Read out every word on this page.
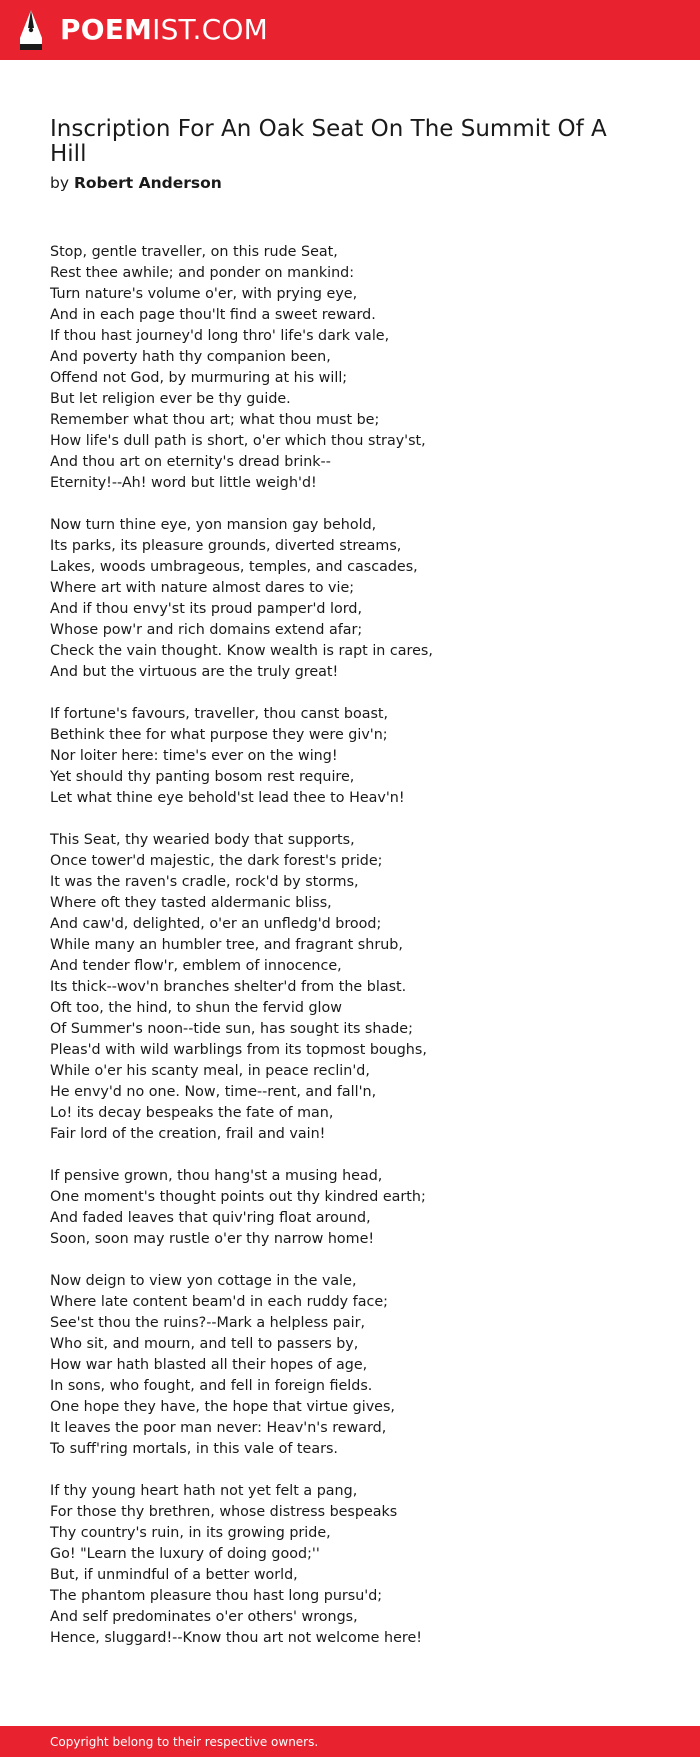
POEMIST.COM
Inscription For An Oak Seat On The Summit Of A Hill
by Robert Anderson
Stop, gentle traveller, on this rude Seat,
Rest thee awhile; and ponder on mankind:
Turn nature's volume o'er, with prying eye,
And in each page thou'lt find a sweet reward.
If thou hast journey'd long thro' life's dark vale,
And poverty hath thy companion been,
Offend not God, by murmuring at his will;
But let religion ever be thy guide.
Remember what thou art; what thou must be;
How life's dull path is short, o'er which thou stray'st,
And thou art on eternity's dread brink--
Eternity!--Ah! word but little weigh'd!
Now turn thine eye, yon mansion gay behold,
Its parks, its pleasure grounds, diverted streams,
Lakes, woods umbrageous, temples, and cascades,
Where art with nature almost dares to vie;
And if thou envy'st its proud pamper'd lord,
Whose pow'r and rich domains extend afar;
Check the vain thought. Know wealth is rapt in cares,
And but the virtuous are the truly great!
If fortune's favours, traveller, thou canst boast,
Bethink thee for what purpose they were giv'n;
Nor loiter here: time's ever on the wing!
Yet should thy panting bosom rest require,
Let what thine eye behold'st lead thee to Heav'n!
This Seat, thy wearied body that supports,
Once tower'd majestic, the dark forest's pride;
It was the raven's cradle, rock'd by storms,
Where oft they tasted aldermanic bliss,
And caw'd, delighted, o'er an unfledg'd brood;
While many an humbler tree, and fragrant shrub,
And tender flow'r, emblem of innocence,
Its thick--wov'n branches shelter'd from the blast.
Oft too, the hind, to shun the fervid glow
Of Summer's noon--tide sun, has sought its shade;
Pleas'd with wild warblings from its topmost boughs,
While o'er his scanty meal, in peace reclin'd,
He envy'd no one. Now, time--rent, and fall'n,
Lo! its decay bespeaks the fate of man,
Fair lord of the creation, frail and vain!
If pensive grown, thou hang'st a musing head,
One moment's thought points out thy kindred earth;
And faded leaves that quiv'ring float around,
Soon, soon may rustle o'er thy narrow home!
Now deign to view yon cottage in the vale,
Where late content beam'd in each ruddy face;
See'st thou the ruins?--Mark a helpless pair,
Who sit, and mourn, and tell to passers by,
How war hath blasted all their hopes of age,
In sons, who fought, and fell in foreign fields.
One hope they have, the hope that virtue gives,
It leaves the poor man never: Heav'n's reward,
To suff'ring mortals, in this vale of tears.
If thy young heart hath not yet felt a pang,
For those thy brethren, whose distress bespeaks
Thy country's ruin, in its growing pride,
Go! "Learn the luxury of doing good;''
But, if unmindful of a better world,
The phantom pleasure thou hast long pursu'd;
And self predominates o'er others' wrongs,
Hence, sluggard!--Know thou art not welcome here!
Copyright belong to their respective owners.
